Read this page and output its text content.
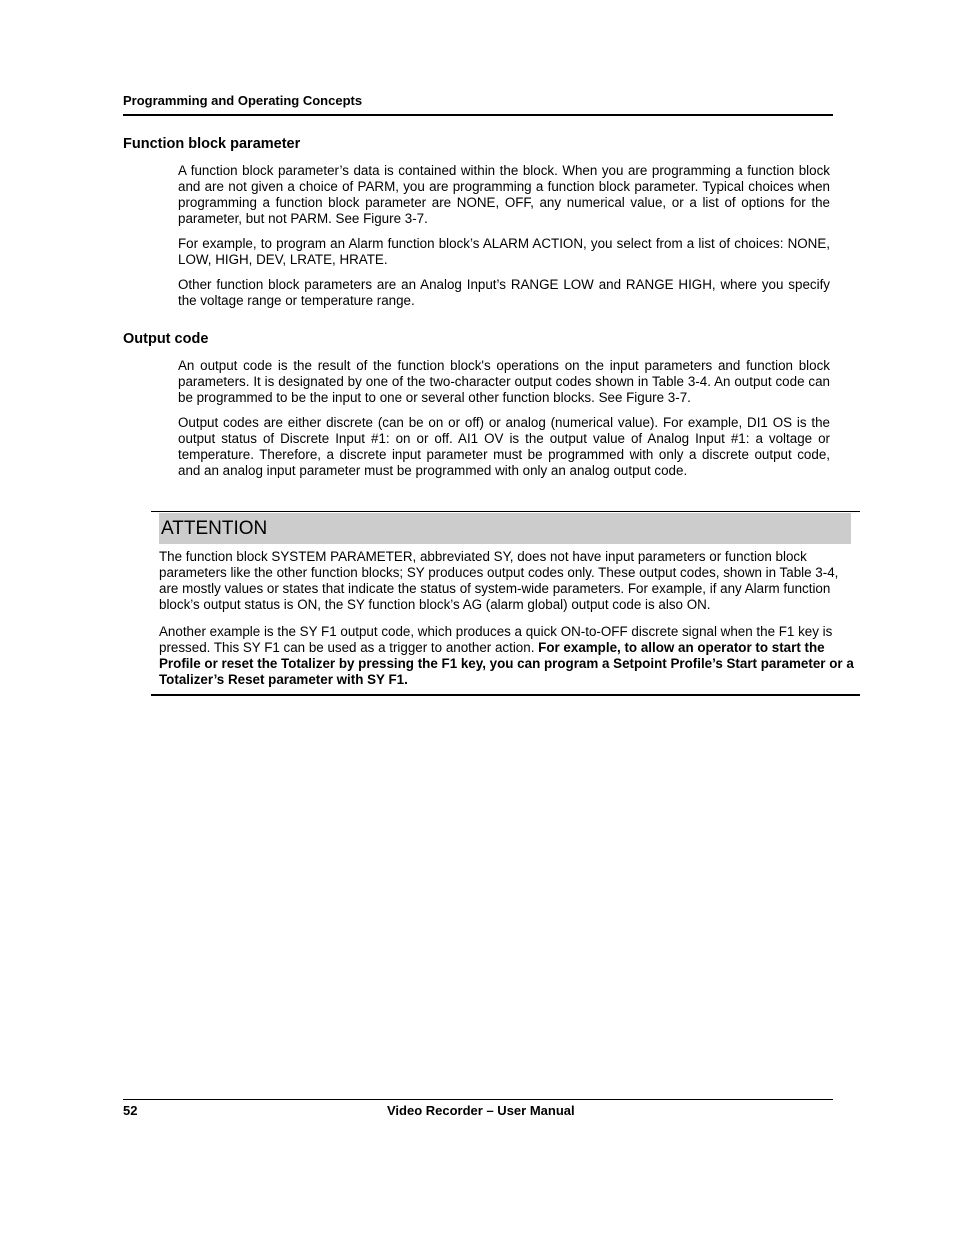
Programming and Operating Concepts
Function block parameter

A function block parameter’s data is contained within the block. When you are programming a function block and are not given a choice of PARM, you are programming a function block parameter. Typical choices when programming a function block parameter are NONE, OFF, any numerical value, or a list of options for the parameter, but not PARM. See Figure 3-7.

For example, to program an Alarm function block’s ALARM ACTION, you select from a list of choices: NONE, LOW, HIGH, DEV, LRATE, HRATE.

Other function block parameters are an Analog Input’s RANGE LOW and RANGE HIGH, where you specify the voltage range or temperature range.

Output code

An output code is the result of the function block's operations on the input parameters and function block parameters. It is designated by one of the two-character output codes shown in Table 3-4. An output code can be programmed to be the input to one or several other function blocks. See Figure 3-7.

Output codes are either discrete (can be on or off) or analog (numerical value). For example, DI1 OS is the output status of Discrete Input #1: on or off. AI1 OV is the output value of Analog Input #1: a voltage or temperature. Therefore, a discrete input parameter must be programmed with only a discrete output code, and an analog input parameter must be programmed with only an analog output code.

ATTENTION

The function block SYSTEM PARAMETER, abbreviated SY, does not have input parameters or function block parameters like the other function blocks; SY produces output codes only. These output codes, shown in Table 3-4, are mostly values or states that indicate the status of system-wide parameters. For example, if any Alarm function block’s output status is ON, the SY function block’s AG (alarm global) output code is also ON.

Another example is the SY F1 output code, which produces a quick ON-to-OFF discrete signal when the F1 key is pressed. This SY F1 can be used as a trigger to another action. For example, to allow an operator to start the Profile or reset the Totalizer by pressing the F1 key, you can program a Setpoint Profile’s Start parameter or a Totalizer’s Reset parameter with SY F1.

52	Video Recorder – User Manual
